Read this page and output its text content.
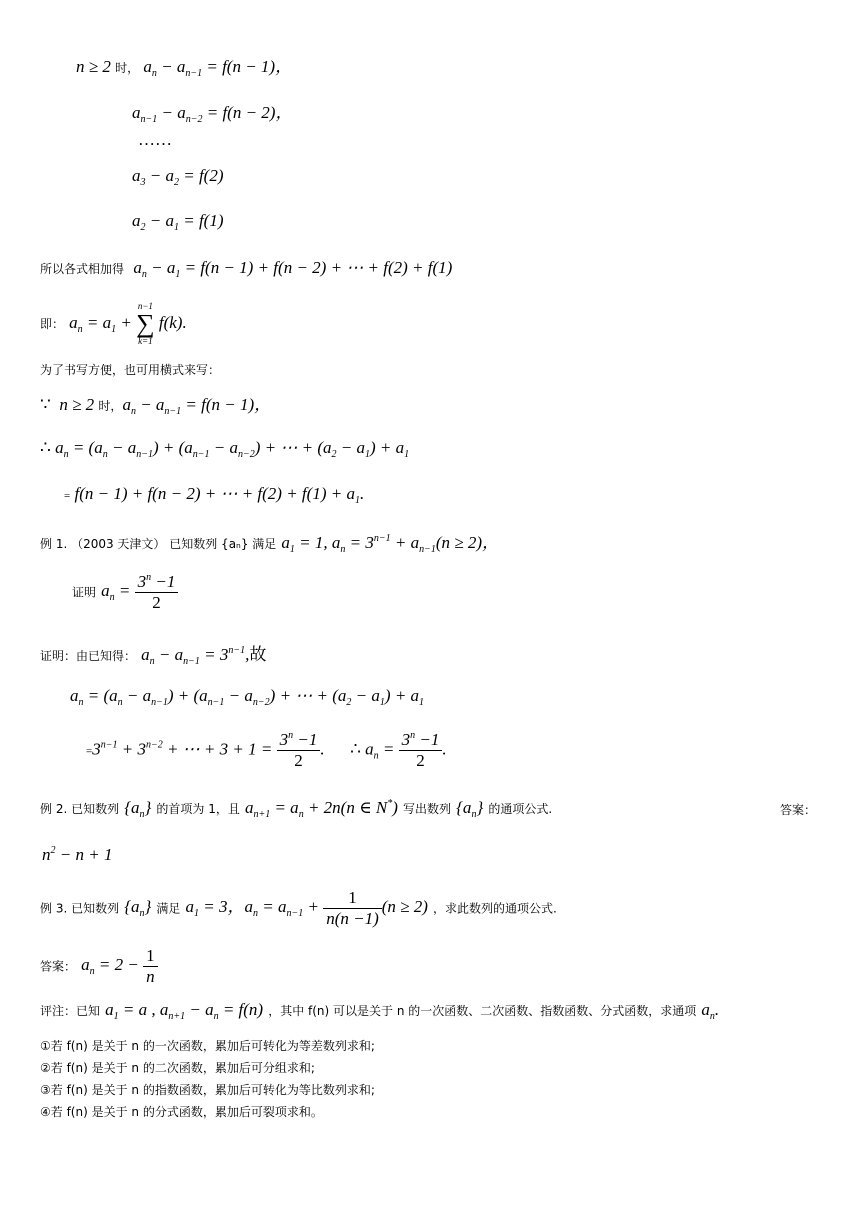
n ≥ 2 时， $a_n - a_{n-1} = f(n - 1)$，
$a_{n-1} - a_{n-2} = f(n - 2)$，
……
$a_3 - a_2 = f(2)$
$a_2 - a_1 = f(1)$
所以各式相加得  $a_n - a_1 = f(n - 1) + f(n - 2)$ + ⋯ + f(2) + f(1)
即： $a_n = a_1$ +
n−1
∑
k=1
f(k).
为了书写方便，也可用横式来写：
∵  n ≥ 2 时，$a_n - a_{n-1} = f(n - 1)$，
∴ $a_n = (a_n - a_{n-1}) + (a_{n-1} - a_{n-2})$ + ⋯ + $(a_2 - a_1) + a_1$
= f(n − 1) + f(n − 2) + ⋯ + $f(2) + f(1) + a_1$.
例 1. （2003 天津文） 已知数列 {aₙ} 满足 $a_1 = 1$, $a_n = 3^{n-1} + a_{n-1}(n \ge 2)$，
证明 $a_n = \frac{3^n -1}{2}$
证明：由已知得： $a_n - a_{n-1} = 3^{n-1}$,故
$a_n = (a_n - a_{n-1}) + (a_{n-1} - a_{n-2})$ + ⋯ + $(a_2 - a_1) + a_1$
$=3^{n-1} + 3^{n-2}$ + ⋯ + $3 + 1 = \frac{3^n -1}{2}$ .      ∴ $a_n = \frac{3^n -1}{2}$ .
例 2. 已知数列 $\{a_n\}$ 的首项为 1，且 $a_{n+1} = a_n + 2n(n$ ∈ N*) 写出数列 $\{a_n\}$ 的通项公式.	答案：
$n^2 - n + 1$
例 3. 已知数列 $\{a_n\}$ 满足 $a_1 = 3$，$a_n = a_{n-1} + \frac{1}{n(n -1)} (n \ge 2)$ ，求此数列的通项公式.
答案： $a_n = 2 - \frac{1}{n}$
评注：已知 $a_1 = a$ , $a_{n+1} - a_n = f(n)$ ，其中 f(n) 可以是关于 n 的一次函数、二次函数、指数函数、分式函数，求通项 $a_n$.
①若 f(n) 是关于 n 的一次函数，累加后可转化为等差数列求和;
②若 f(n) 是关于 n 的二次函数，累加后可分组求和;
③若 f(n) 是关于 n 的指数函数，累加后可转化为等比数列求和;
④若 f(n) 是关于 n 的分式函数，累加后可裂项求和。
